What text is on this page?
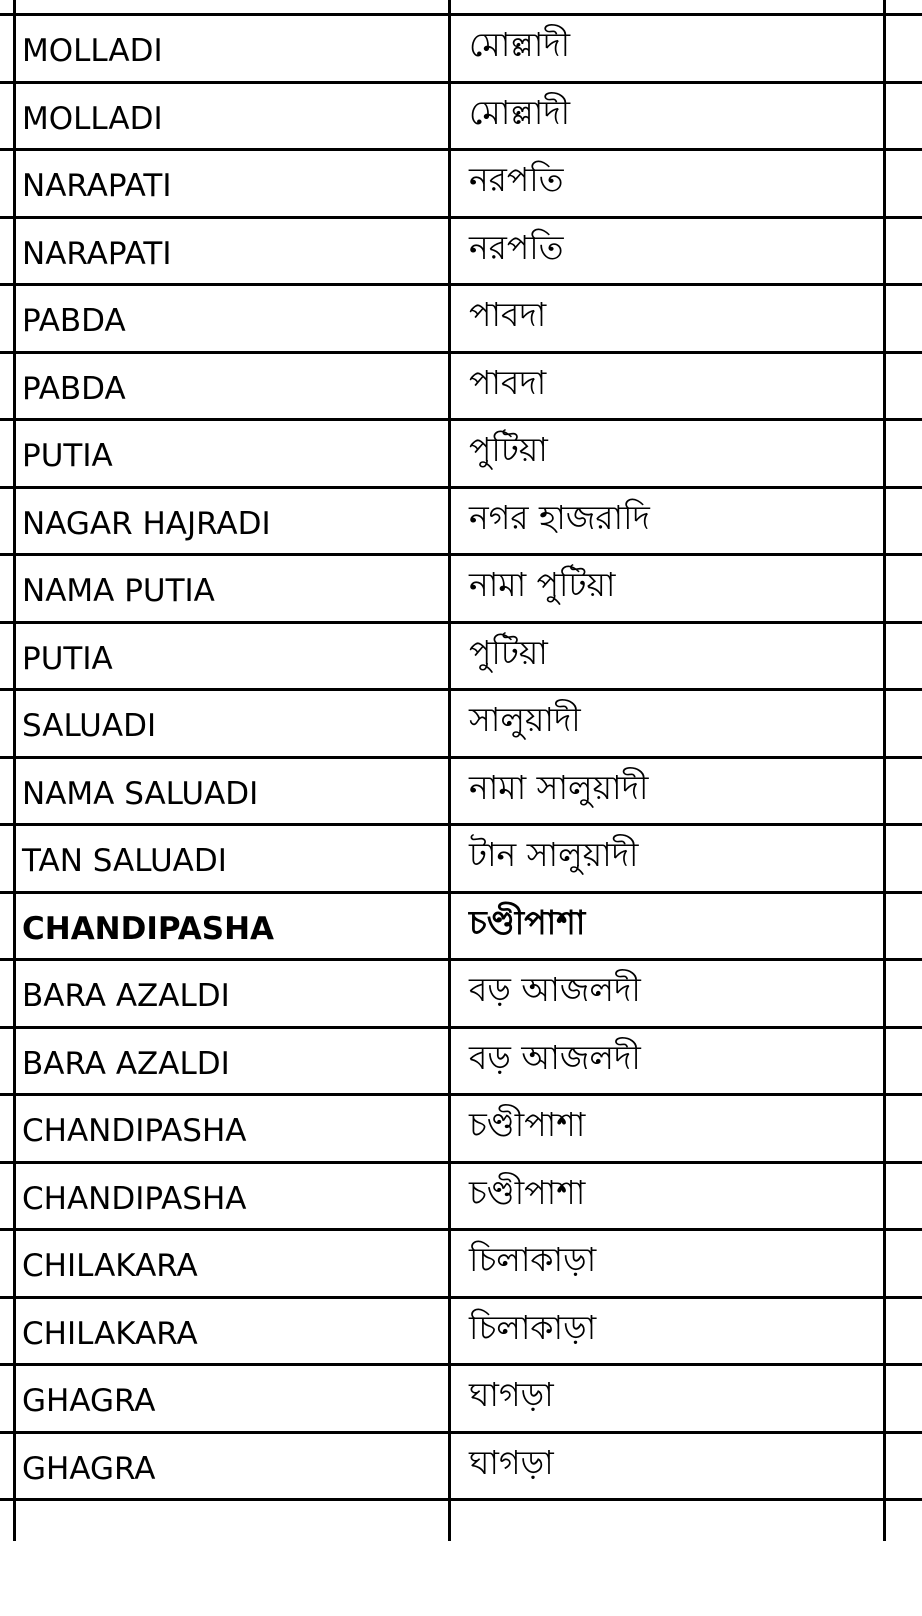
MOLLADI	মোল্লাদী
MOLLADI	মোল্লাদী
NARAPATI	নরপতি
NARAPATI	নরপতি
PABDA	পাবদা
PABDA	পাবদা
PUTIA	পুটিয়া
NAGAR HAJRADI	নগর হাজরাদি
NAMA PUTIA	নামা পুটিয়া
PUTIA	পুটিয়া
SALUADI	সালুয়াদী
NAMA SALUADI	নামা সালুয়াদী
TAN SALUADI	টান সালুয়াদী
CHANDIPASHA	চণ্ডীপাশা
BARA AZALDI	বড় আজলদী
BARA AZALDI	বড় আজলদী
CHANDIPASHA	চণ্ডীপাশা
CHANDIPASHA	চণ্ডীপাশা
CHILAKARA	চিলাকাড়া
CHILAKARA	চিলাকাড়া
GHAGRA	ঘাগড়া
GHAGRA	ঘাগড়া
